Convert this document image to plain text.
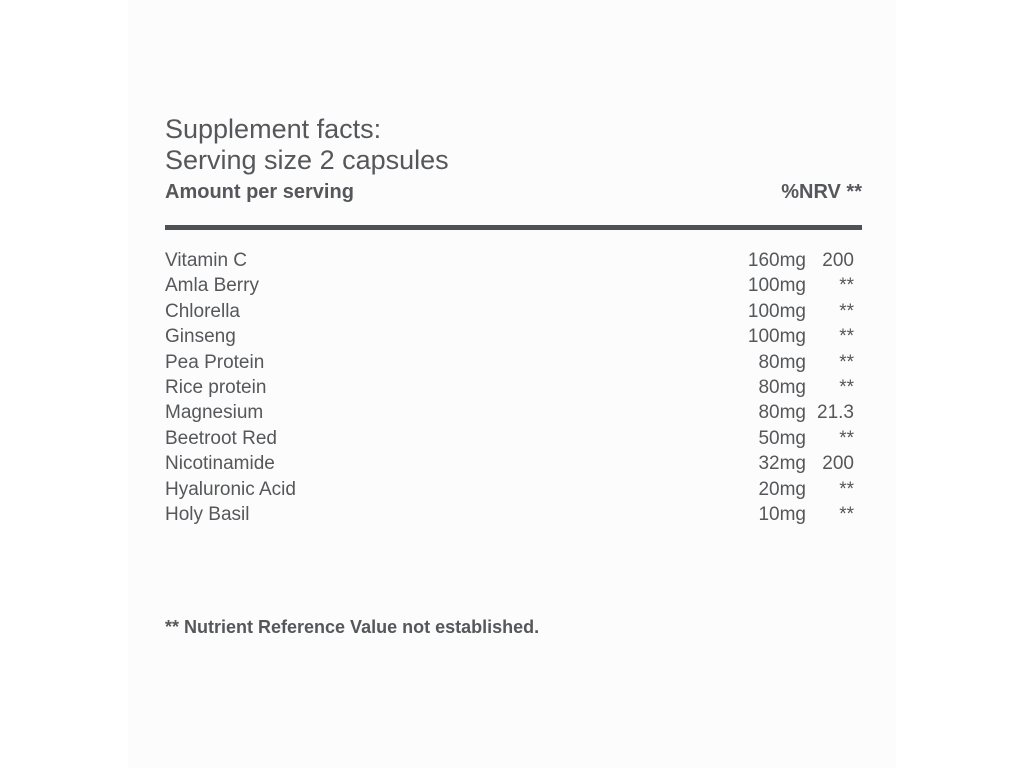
Supplement facts:
Serving size 2 capsules
Amount per serving	%NRV **
Vitamin C	160mg 200
Amla Berry	100mg	**
Chlorella	100mg	**
Ginseng	100mg	**
Pea Protein	80mg	**
Rice protein	80mg	**
Magnesium	80mg 21.3
Beetroot Red	50mg	**
Nicotinamide	32mg 200
Hyaluronic Acid	20mg	**
Holy Basil	10mg	**
** Nutrient Reference Value not established.
